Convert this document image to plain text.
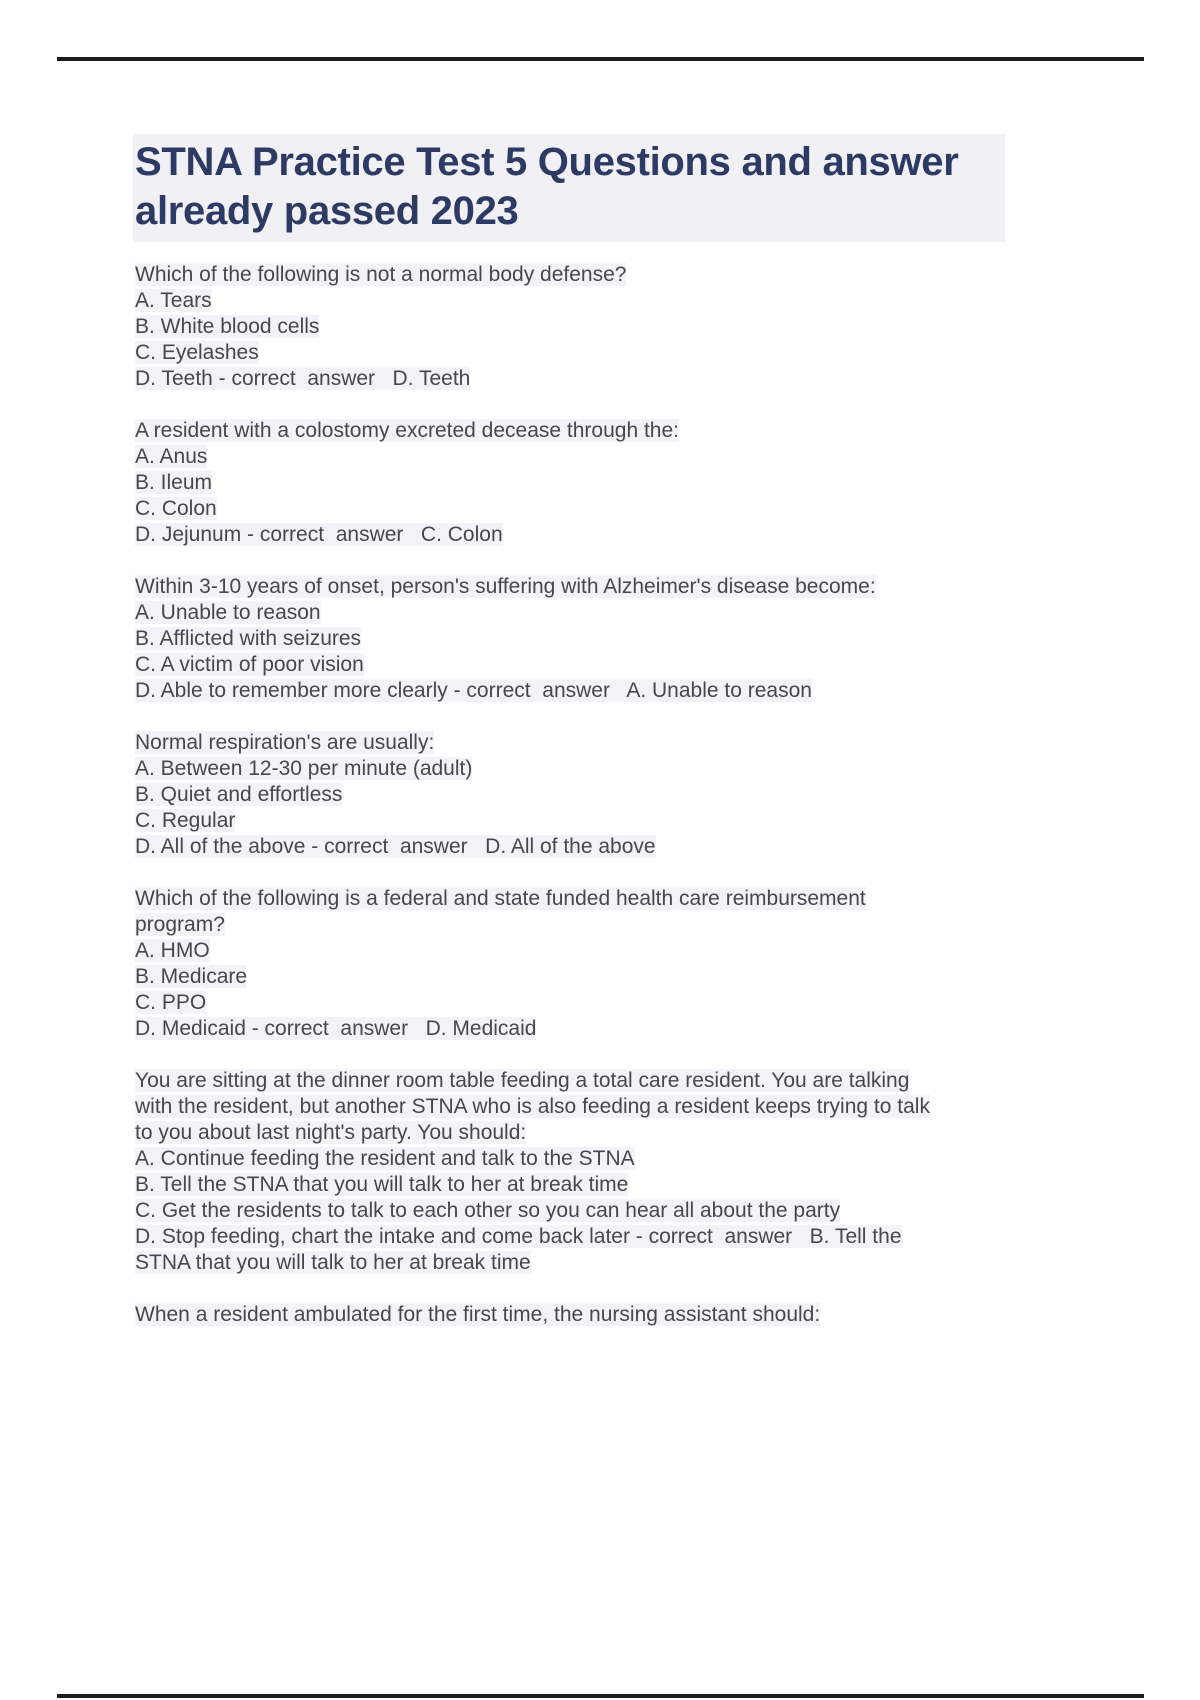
STNA Practice Test 5 Questions and answer already passed 2023
Which of the following is not a normal body defense?
A. Tears
B. White blood cells
C. Eyelashes
D. Teeth - correct  answer   D. Teeth
A resident with a colostomy excreted decease through the:
A. Anus
B. Ileum
C. Colon
D. Jejunum - correct  answer   C. Colon
Within 3-10 years of onset, person's suffering with Alzheimer's disease become:
A. Unable to reason
B. Afflicted with seizures
C. A victim of poor vision
D. Able to remember more clearly - correct  answer   A. Unable to reason
Normal respiration's are usually:
A. Between 12-30 per minute (adult)
B. Quiet and effortless
C. Regular
D. All of the above - correct  answer   D. All of the above
Which of the following is a federal and state funded health care reimbursement
program?
A. HMO
B. Medicare
C. PPO
D. Medicaid - correct  answer   D. Medicaid
You are sitting at the dinner room table feeding a total care resident. You are talking
with the resident, but another STNA who is also feeding a resident keeps trying to talk
to you about last night's party. You should:
A. Continue feeding the resident and talk to the STNA
B. Tell the STNA that you will talk to her at break time
C. Get the residents to talk to each other so you can hear all about the party
D. Stop feeding, chart the intake and come back later - correct  answer   B. Tell the
STNA that you will talk to her at break time
When a resident ambulated for the first time, the nursing assistant should:
